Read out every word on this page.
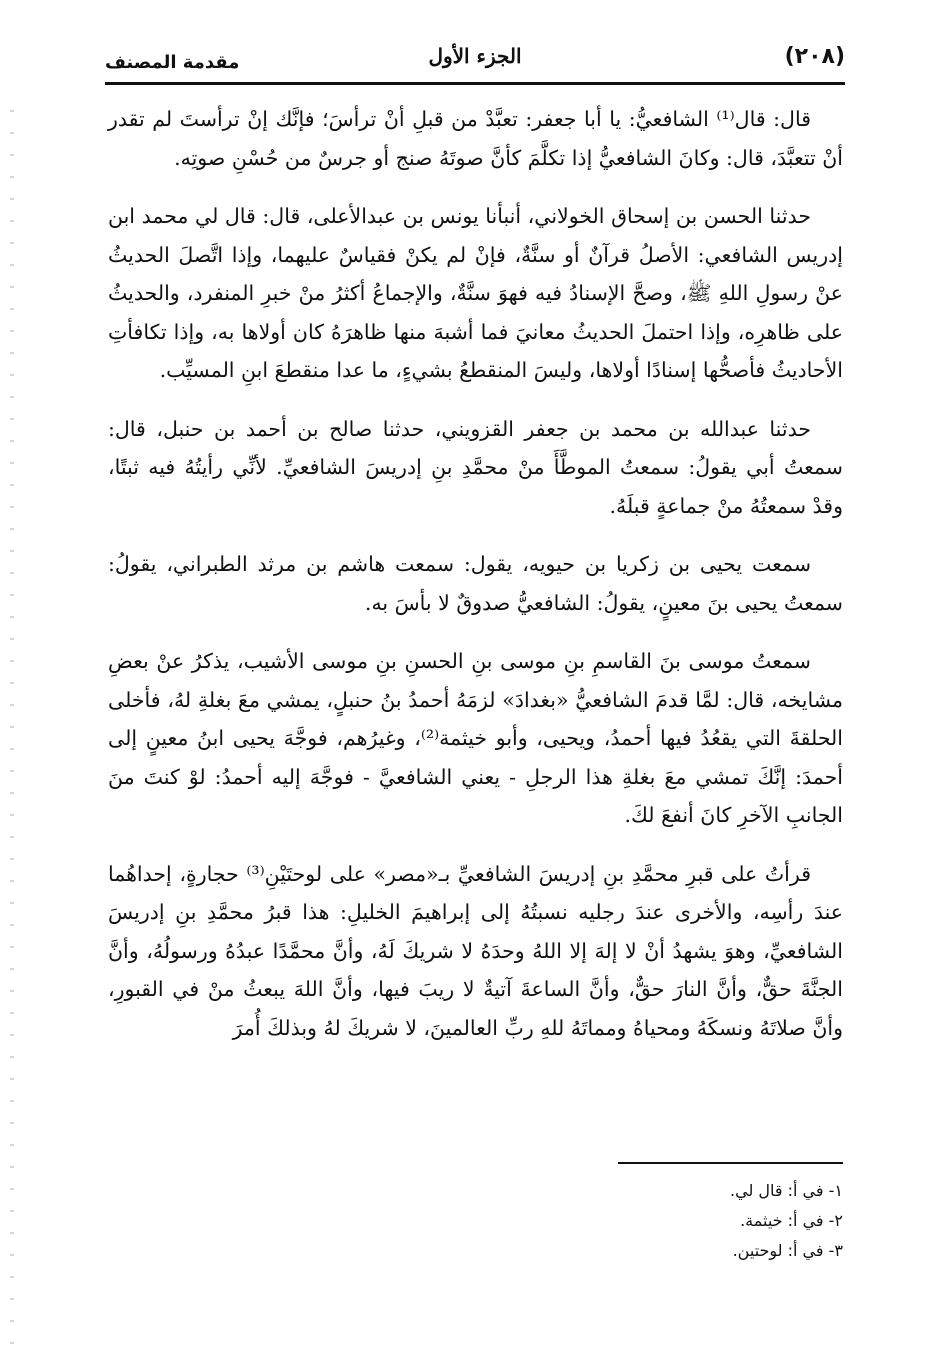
(٢٠٨)
الجزء الأول
مقدمة المصنف

قال: قال⁽¹⁾ الشافعيُّ: يا أبا جعفر: تعبَّدْ من قبلِ أنْ ترأسَ؛ فإنَّك إنْ ترأستَ لم تقدر أنْ تتعبَّدَ، قال: وكانَ الشافعيُّ إذا تكلَّمَ كأنَّ صوتَهُ صنج أو جرسٌ من حُسْنِ صوتِه.

حدثنا الحسن بن إسحاق الخولاني، أنبأنا يونس بن عبدالأعلى، قال: قال لي محمد ابن إدريس الشافعي: الأصلُ قرآنٌ أو سنَّةٌ، فإنْ لم يكنْ فقياسٌ عليهما، وإذا اتَّصلَ الحديثُ عنْ رسولِ اللهِ ﷺ، وصحَّ الإسنادُ فيه فهوَ سنَّةٌ، والإجماعُ أكثرُ منْ خبرِ المنفرد، والحديثُ على ظاهرِه، وإذا احتملَ الحديثُ معانيَ فما أشبهَ منها ظاهرَهُ كان أولاها به، وإذا تكافأتِ الأحاديثُ فأصحُّها إسنادًا أولاها، وليسَ المنقطعُ بشيءٍ، ما عدا منقطعَ ابنِ المسيِّب.

حدثنا عبدالله بن محمد بن جعفر القزويني، حدثنا صالح بن أحمد بن حنبل، قال: سمعتُ أبي يقولُ: سمعتُ الموطَّأَ منْ محمَّدِ بنِ إدريسَ الشافعيِّ. لأنِّي رأيتُهُ فيه ثبتًا، وقدْ سمعتُهُ منْ جماعةٍ قبلَهُ.

سمعت يحيى بن زكريا بن حيويه، يقول: سمعت هاشم بن مرثد الطبراني، يقولُ: سمعتُ يحيى بنَ معينٍ، يقولُ: الشافعيُّ صدوقٌ لا بأسَ به.

سمعتُ موسى بنَ القاسمِ بنِ موسى بنِ الحسنِ بنِ موسى الأشيب، يذكرُ عنْ بعضِ مشايخه، قال: لمَّا قدمَ الشافعيُّ «بغدادَ» لزمَهُ أحمدُ بنُ حنبلٍ، يمشي معَ بغلةِ لهُ، فأخلى الحلقةَ التي يقعُدُ فيها أحمدُ، ويحيى، وأبو خيثمة⁽²⁾، وغيرُهم، فوجَّهَ يحيى ابنُ معينٍ إلى أحمدَ: إنَّكَ تمشي معَ بغلةِ هذا الرجلِ - يعني الشافعيَّ - فوجَّهَ إليه أحمدُ: لوْ كنتَ منَ الجانبِ الآخرِ كانَ أنفعَ لكَ.

قرأتُ على قبرِ محمَّدِ بنِ إدريسَ الشافعيِّ بـ«مصر» على لوحتَيْنِ⁽³⁾ حجارةٍ، إحداهُما عندَ رأسِه، والأخرى عندَ رجليه نسبتُهُ إلى إبراهيمَ الخليلِ: هذا قبرُ محمَّدِ بنِ إدريسَ الشافعيِّ، وهوَ يشهدُ أنْ لا إلهَ إلا اللهُ وحدَهُ لا شريكَ لَهُ، وأنَّ محمَّدًا عبدُهُ ورسولُهُ، وأنَّ الجنَّةَ حقٌّ، وأنَّ النارَ حقٌّ، وأنَّ الساعةَ آتيةٌ لا ريبَ فيها، وأنَّ اللهَ يبعثُ منْ في القبورِ، وأنَّ صلاتَهُ ونسكَهُ ومحياهُ ومماتَهُ للهِ ربِّ العالمينَ، لا شريكَ لهُ وبذلكَ أُمرَ

١- في أ: قال لي.

٢- في أ: خيثمة.

٣- في أ: لوحتين.
